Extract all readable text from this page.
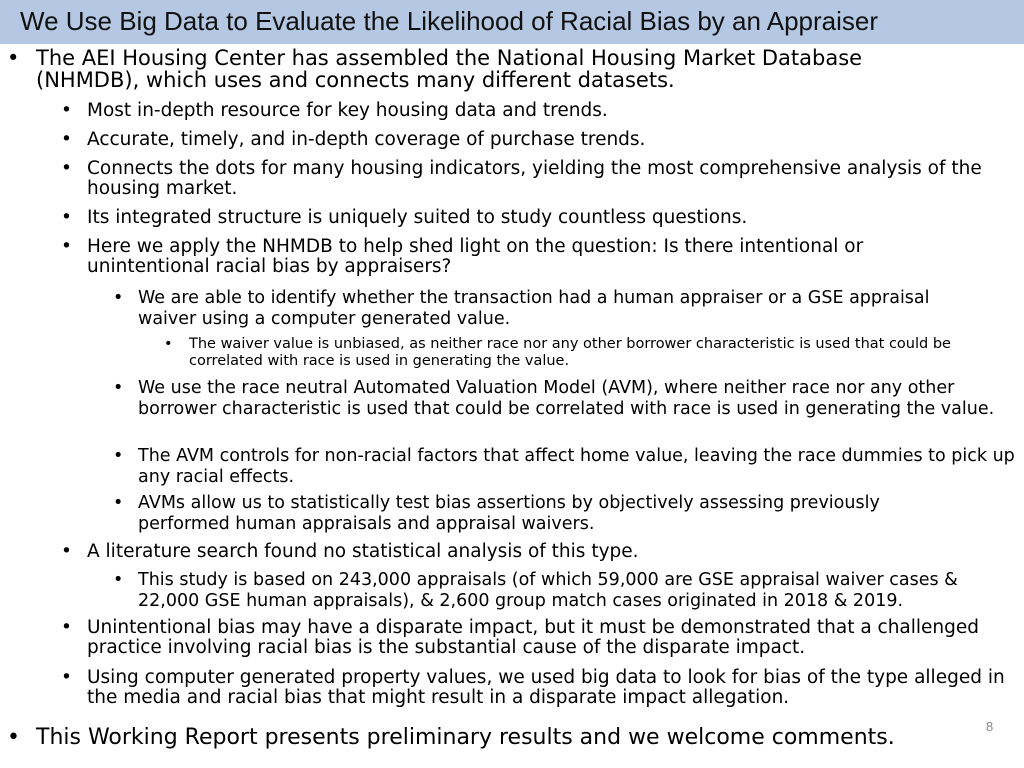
We Use Big Data to Evaluate the Likelihood of Racial Bias by an Appraiser
• The AEI Housing Center has assembled the National Housing Market Database (NHMDB), which uses and connects many different datasets.
• Most in-depth resource for key housing data and trends.
• Accurate, timely, and in-depth coverage of purchase trends.
• Connects the dots for many housing indicators, yielding the most comprehensive analysis of the housing market.
• Its integrated structure is uniquely suited to study countless questions.
• Here we apply the NHMDB to help shed light on the question: Is there intentional or unintentional racial bias by appraisers?
• We are able to identify whether the transaction had a human appraiser or a GSE appraisal waiver using a computer generated value.
• The waiver value is unbiased, as neither race nor any other borrower characteristic is used that could be correlated with race is used in generating the value.
• We use the race neutral Automated Valuation Model (AVM), where neither race nor any other borrower characteristic is used that could be correlated with race is used in generating the value.
• The AVM controls for non-racial factors that affect home value, leaving the race dummies to pick up any racial effects.
• AVMs allow us to statistically test bias assertions by objectively assessing previously performed human appraisals and appraisal waivers.
• A literature search found no statistical analysis of this type.
• This study is based on 243,000 appraisals (of which 59,000 are GSE appraisal waiver cases & 22,000 GSE human appraisals), & 2,600 group match cases originated in 2018 & 2019.
• Unintentional bias may have a disparate impact, but it must be demonstrated that a challenged practice involving racial bias is the substantial cause of the disparate impact.
• Using computer generated property values, we used big data to look for bias of the type alleged in the media and racial bias that might result in a disparate impact allegation.
• This Working Report presents preliminary results and we welcome comments.	8
